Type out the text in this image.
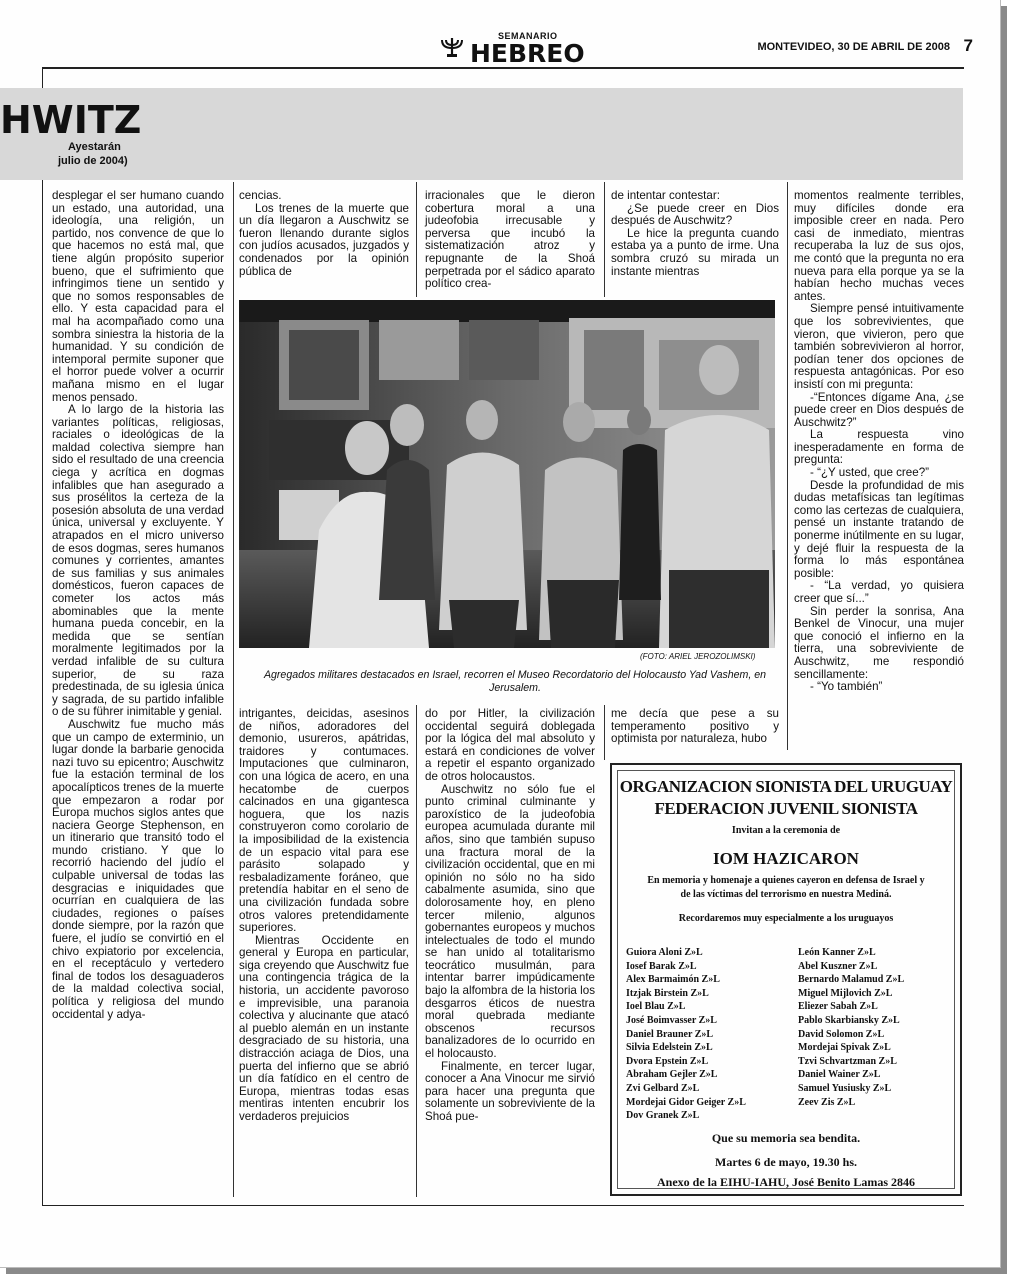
SEMANARIO
HEBREO	MONTEVIDEO, 30 DE ABRIL DE 2008 7
HWITZ
Ayestarán
julio de 2004)

desplegar el ser humano cuando un estado, una autoridad, una ideología, una religión, un partido, nos convence de que lo que hacemos no está mal, que tiene algún propósito superior bueno, que el sufrimiento que infringimos tiene un sentido y que no somos responsables de ello. Y esta capacidad para el mal ha acompañado como una sombra siniestra la historia de la humanidad. Y su condición de intemporal permite suponer que el horror puede volver a ocurrir mañana mismo en el lugar menos pensado.

A lo largo de la historia las variantes políticas, religiosas, raciales o ideológicas de la maldad colectiva siempre han sido el resultado de una creencia ciega y acrítica en dogmas infalibles que han asegurado a sus prosélitos la certeza de la posesión absoluta de una verdad única, universal y excluyente. Y atrapados en el micro universo de esos dogmas, seres humanos comunes y corrientes, amantes de sus familias y sus animales domésticos, fueron capaces de cometer los actos más abominables que la mente humana pueda concebir, en la medida que se sentían moralmente legitimados por la verdad infalible de su cultura superior, de su raza predestinada, de su iglesia única y sagrada, de su partido infalible o de su führer inimitable y genial.

Auschwitz fue mucho más que un campo de exterminio, un lugar donde la barbarie genocida nazi tuvo su epicentro; Auschwitz fue la estación terminal de los apocalípticos trenes de la muerte que empezaron a rodar por Europa muchos siglos antes que naciera George Stephenson, en un itinerario que transitó todo el mundo cristiano. Y que lo recorrió haciendo del judío el culpable universal de todas las desgracias e iniquidades que ocurrían en cualquiera de las ciudades, regiones o países donde siempre, por la razón que fuere, el judío se convirtió en el chivo expiatorio por excelencia, en el receptáculo y vertedero final de todos los desaguaderos de la maldad colectiva social, política y religiosa del mundo occidental y adya-

cencias.

Los trenes de la muerte que un día llegaron a Auschwitz se fueron llenando durante siglos con judíos acusados, juzgados y condenados por la opinión pública de

irracionales que le dieron cobertura moral a una judeofobia irrecusable y perversa que incubó la sistematización atroz y repugnante de la Shoá perpetrada por el sádico aparato político crea-

de intentar contestar:

¿Se puede creer en Dios después de Auschwitz?

Le hice la pregunta cuando estaba ya a punto de irme. Una sombra cruzó su mirada un instante mientras

momentos realmente terribles, muy difíciles donde era imposible creer en nada. Pero casi de inmediato, mientras recuperaba la luz de sus ojos, me contó que la pregunta no era nueva para ella porque ya se la habían hecho muchas veces antes.

Siempre pensé intuitivamente que los sobrevivientes, que vieron, que vivieron, pero que también sobrevivieron al horror, podían tener dos opciones de respuesta antagónicas. Por eso insistí con mi pregunta:

-“Entonces dígame Ana, ¿se puede creer en Dios después de Auschwitz?”

La respuesta vino inesperadamente en forma de pregunta:

- “¿Y usted, que cree?”

Desde la profundidad de mis dudas metafísicas tan legítimas como las certezas de cualquiera, pensé un instante tratando de ponerme inútilmente en su lugar, y dejé fluir la respuesta de la forma lo más espontánea posible:

- “La verdad, yo quisiera creer que sí...”

Sin perder la sonrisa, Ana Benkel de Vinocur, una mujer que conoció el infierno en la tierra, una sobreviviente de Auschwitz, me respondió sencillamente:

- “Yo también”

(FOTO: ARIEL JEROZOLIMSKI)
Agregados militares destacados en Israel, recorren el Museo Recordatorio del Holocausto Yad Vashem, en Jerusalem.

intrigantes, deicidas, asesinos de niños, adoradores del demonio, usureros, apátridas, traidores y contumaces. Imputaciones que culminaron, con una lógica de acero, en una hecatombe de cuerpos calcinados en una gigantesca hoguera, que los nazis construyeron como corolario de la imposibilidad de la existencia de un espacio vital para ese parásito solapado y resbaladizamente foráneo, que pretendía habitar en el seno de una civilización fundada sobre otros valores pretendidamente superiores.

Mientras Occidente en general y Europa en particular, siga creyendo que Auschwitz fue una contingencia trágica de la historia, un accidente pavoroso e imprevisible, una paranoia colectiva y alucinante que atacó al pueblo alemán en un instante desgraciado de su historia, una distracción aciaga de Dios, una puerta del infierno que se abrió un día fatídico en el centro de Europa, mientras todas esas mentiras intenten encubrir los verdaderos prejuicios

do por Hitler, la civilización occidental seguirá doblegada por la lógica del mal absoluto y estará en condiciones de volver a repetir el espanto organizado de otros holocaustos.

Auschwitz no sólo fue el punto criminal culminante y paroxístico de la judeofobia europea acumulada durante mil años, sino que también supuso una fractura moral de la civilización occidental, que en mi opinión no sólo no ha sido cabalmente asumida, sino que dolorosamente hoy, en pleno tercer milenio, algunos gobernantes europeos y muchos intelectuales de todo el mundo se han unido al totalitarismo teocrático musulmán, para intentar barrer impúdicamente bajo la alfombra de la historia los desgarros éticos de nuestra moral quebrada mediante obscenos recursos banalizadores de lo ocurrido en el holocausto.

Finalmente, en tercer lugar, conocer a Ana Vinocur me sirvió para hacer una pregunta que solamente un sobreviviente de la Shoá pue-

me decía que pese a su temperamento positivo y optimista por naturaleza, hubo

ORGANIZACION SIONISTA DEL URUGUAY
FEDERACION JUVENIL SIONISTA
Invitan a la ceremonia de
IOM HAZICARON
En memoria y homenaje a quienes cayeron en defensa de Israel y
de las víctimas del terrorismo en nuestra Mediná.
Recordaremos muy especialmente a los uruguayos
Guiora Aloni Z»L
Iosef Barak Z»L
Alex Barmaimón Z»L
Itzjak Birstein Z»L
Ioel Blau Z»L
José Boimvasser Z»L
Daniel Brauner Z»L
Silvia Edelstein Z»L
Dvora Epstein Z»L
Abraham Gejler Z»L
Zvi Gelbard Z»L
Mordejai Gidor Geiger Z»L
Dov Granek Z»L
León Kanner Z»L
Abel Kuszner Z»L
Bernardo Malamud Z»L
Miguel Mijlovich Z»L
Eliezer Sabah Z»L
Pablo Skarbiansky Z»L
David Solomon Z»L
Mordejai Spivak Z»L
Tzvi Schvartzman Z»L
Daniel Wainer Z»L
Samuel Yusiusky Z»L
Zeev Zis Z»L
Que su memoria sea bendita.
Martes 6 de mayo, 19.30 hs.
Anexo de la EIHU-IAHU, José Benito Lamas 2846
